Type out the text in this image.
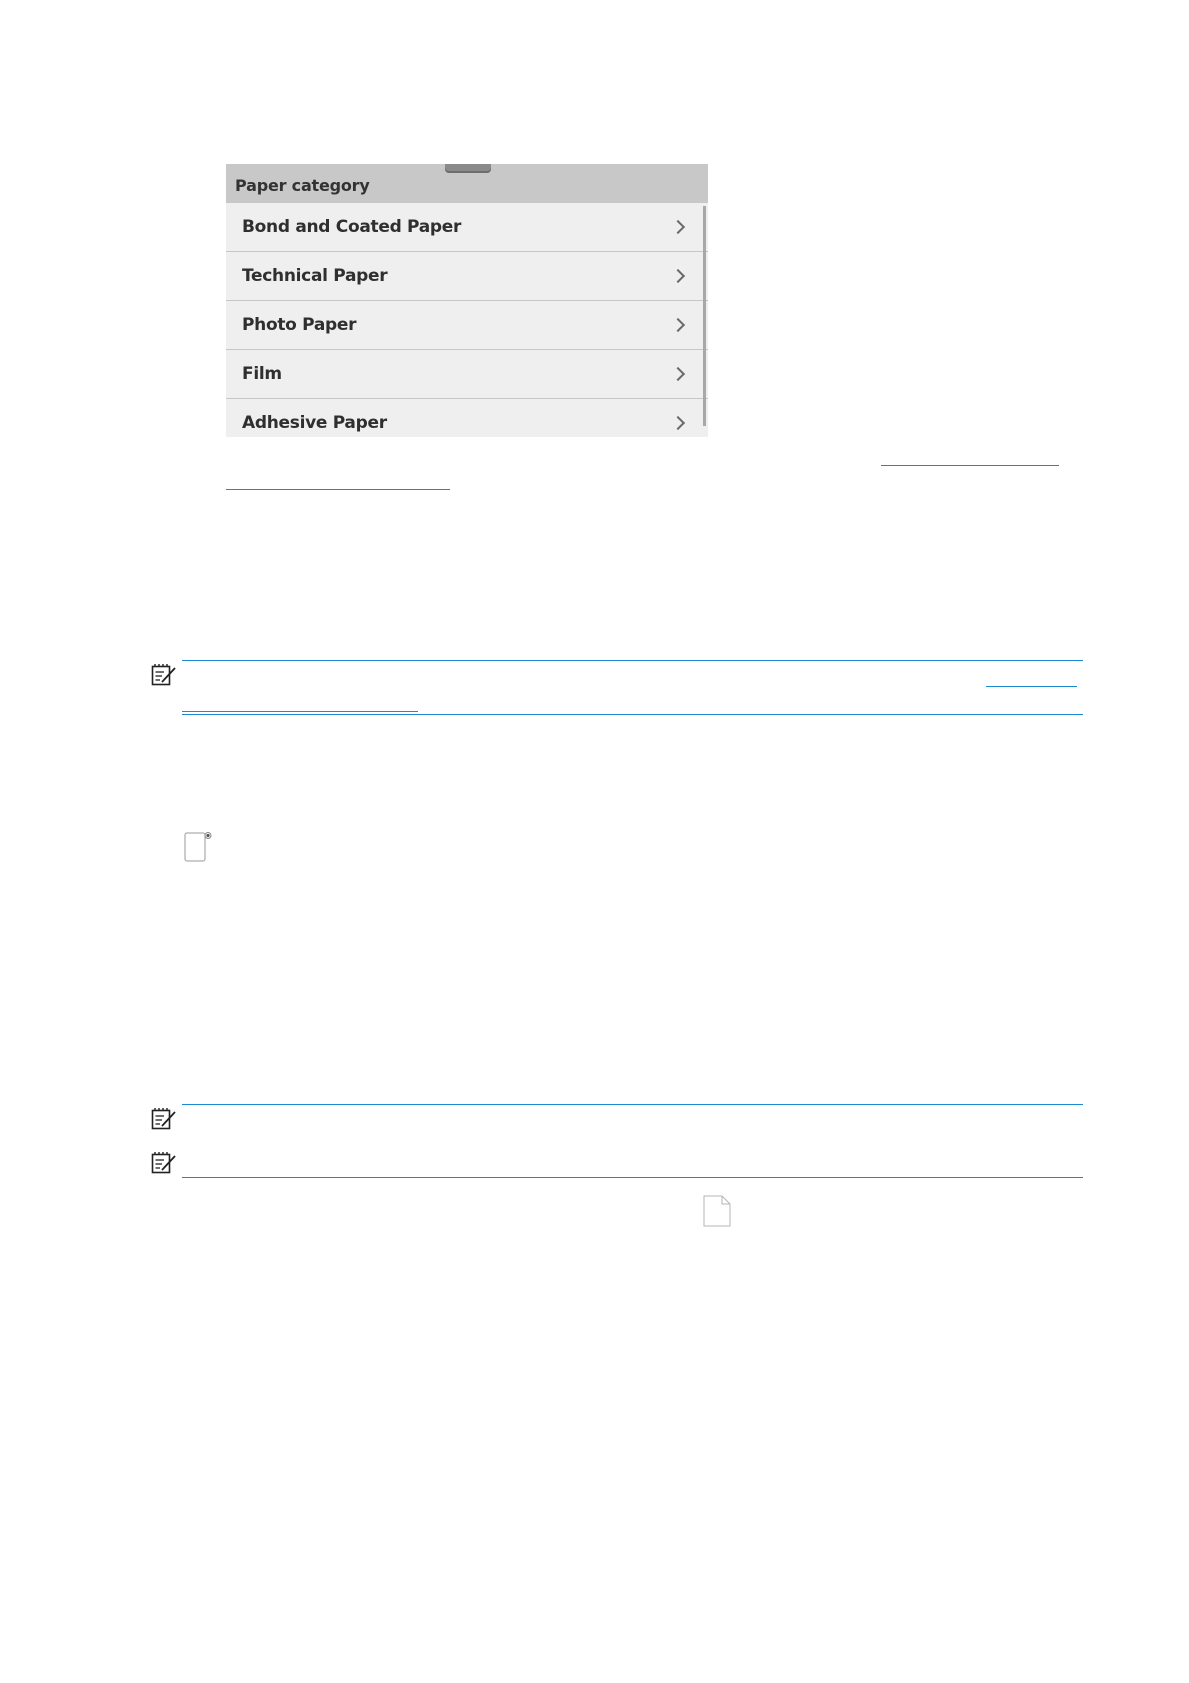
Paper category
Bond and Coated Paper
Technical Paper
Photo Paper
Film
Adhesive Paper
